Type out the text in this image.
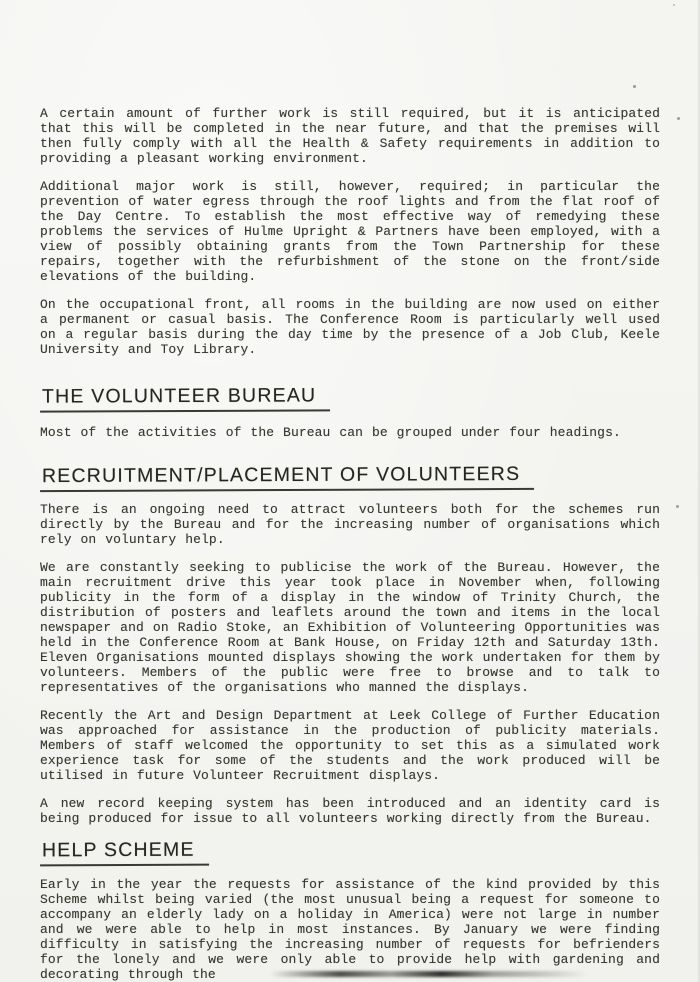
A certain amount of further work is still required, but it is anticipated that this will be completed in the near future, and that the premises will then fully comply with all the Health & Safety requirements in addition to providing a pleasant working environment.

Additional major work is still, however, required; in particular the prevention of water egress through the roof lights and from the flat roof of the Day Centre. To establish the most effective way of remedying these problems the services of Hulme Upright & Partners have been employed, with a view of possibly obtaining grants from the Town Partnership for these repairs, together with the refurbishment of the stone on the front/side elevations of the building.

On the occupational front, all rooms in the building are now used on either a permanent or casual basis. The Conference Room is particularly well used on a regular basis during the day time by the presence of a Job Club, Keele University and Toy Library.

THE VOLUNTEER BUREAU

Most of the activities of the Bureau can be grouped under four headings.

RECRUITMENT/PLACEMENT OF VOLUNTEERS

There is an ongoing need to attract volunteers both for the schemes run directly by the Bureau and for the increasing number of organisations which rely on voluntary help.

We are constantly seeking to publicise the work of the Bureau. However, the main recruitment drive this year took place in November when, following publicity in the form of a display in the window of Trinity Church, the distribution of posters and leaflets around the town and items in the local newspaper and on Radio Stoke, an Exhibition of Volunteering Opportunities was held in the Conference Room at Bank House, on Friday 12th and Saturday 13th. Eleven Organisations mounted displays showing the work undertaken for them by volunteers. Members of the public were free to browse and to talk to representatives of the organisations who manned the displays.

Recently the Art and Design Department at Leek College of Further Education was approached for assistance in the production of publicity materials. Members of staff welcomed the opportunity to set this as a simulated work experience task for some of the students and the work produced will be utilised in future Volunteer Recruitment displays.

A new record keeping system has been introduced and an identity card is being produced for issue to all volunteers working directly from the Bureau.

HELP SCHEME

Early in the year the requests for assistance of the kind provided by this Scheme whilst being varied (the most unusual being a request for someone to accompany an elderly lady on a holiday in America) were not large in number and we were able to help in most instances. By January we were finding difficulty in satisfying the increasing number of requests for befrienders for the lonely and we were only able to provide help with gardening and decorating through the
